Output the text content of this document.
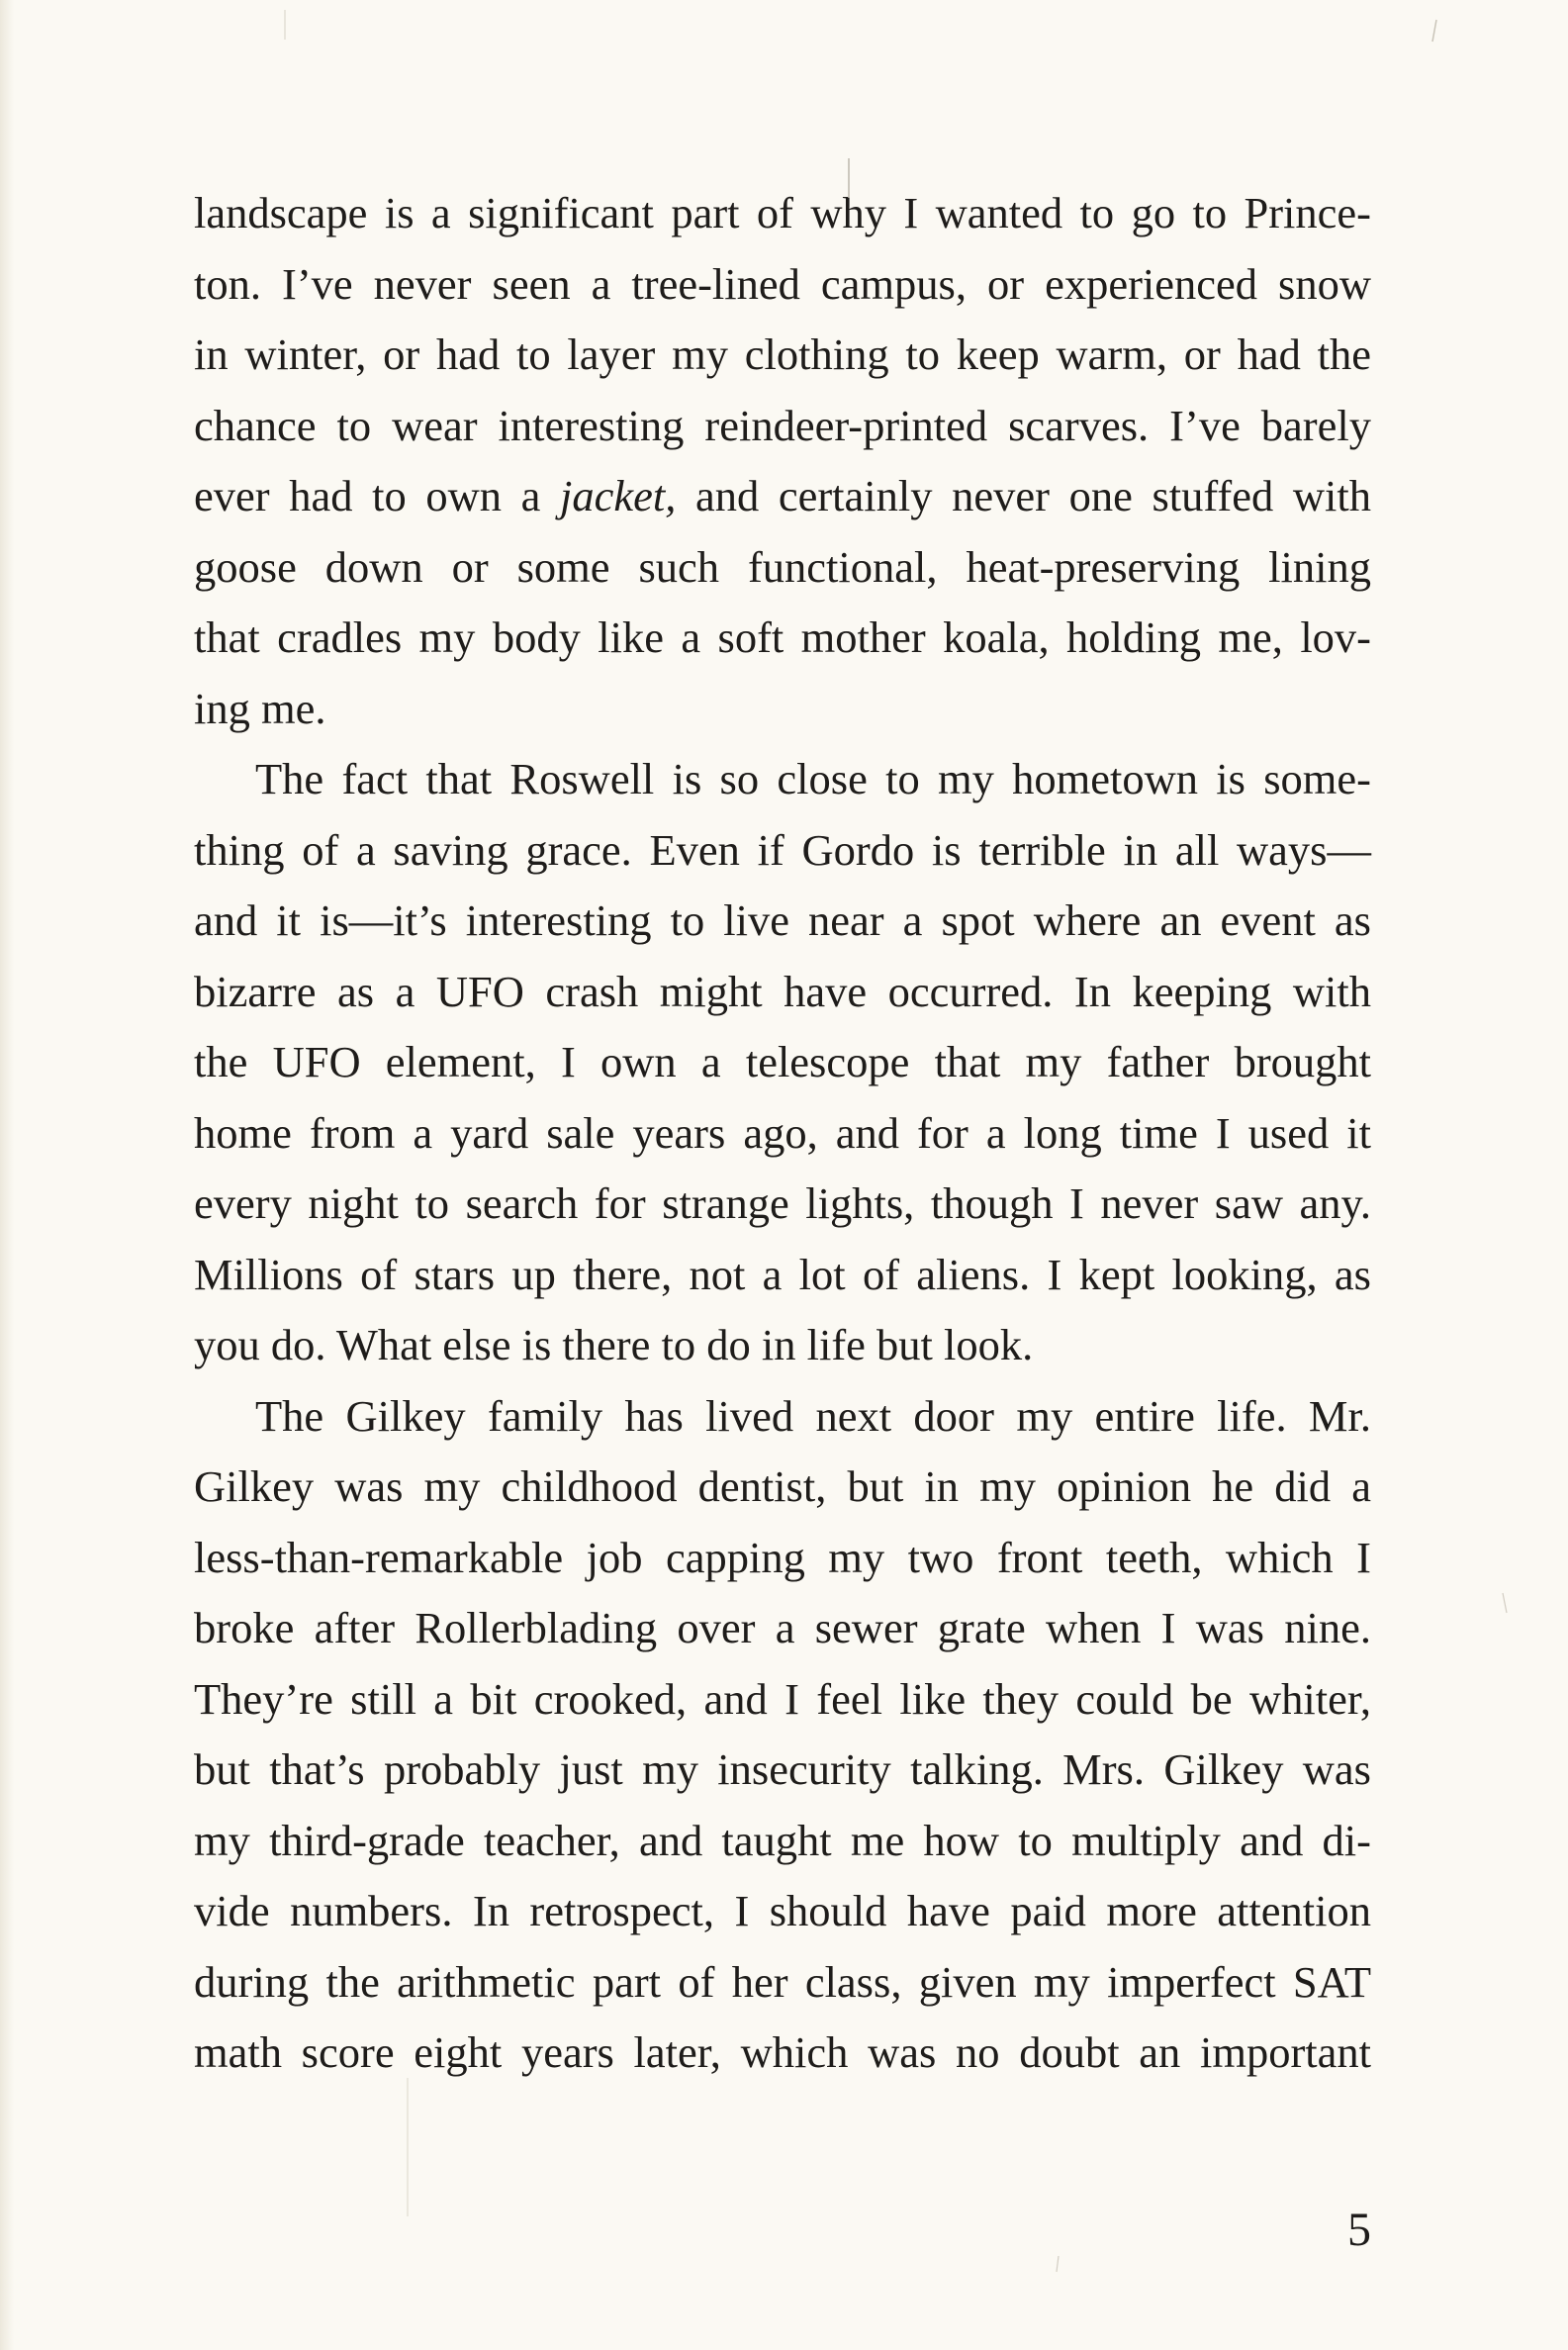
landscape is a significant part of why I wanted to go to Prince-
ton. I’ve never seen a tree-lined campus, or experienced snow
in winter, or had to layer my clothing to keep warm, or had the
chance to wear interesting reindeer-printed scarves. I’ve barely
ever had to own a jacket, and certainly never one stuffed with
goose down or some such functional, heat-preserving lining
that cradles my body like a soft mother koala, holding me, lov-
ing me.
The fact that Roswell is so close to my hometown is some-
thing of a saving grace. Even if Gordo is terrible in all ways—
and it is—it’s interesting to live near a spot where an event as
bizarre as a UFO crash might have occurred. In keeping with
the UFO element, I own a telescope that my father brought
home from a yard sale years ago, and for a long time I used it
every night to search for strange lights, though I never saw any.
Millions of stars up there, not a lot of aliens. I kept looking, as
you do. What else is there to do in life but look.
The Gilkey family has lived next door my entire life. Mr.
Gilkey was my childhood dentist, but in my opinion he did a
less-than-remarkable job capping my two front teeth, which I
broke after Rollerblading over a sewer grate when I was nine.
They’re still a bit crooked, and I feel like they could be whiter,
but that’s probably just my insecurity talking. Mrs. Gilkey was
my third-grade teacher, and taught me how to multiply and di-
vide numbers. In retrospect, I should have paid more attention
during the arithmetic part of her class, given my imperfect SAT
math score eight years later, which was no doubt an important
5
